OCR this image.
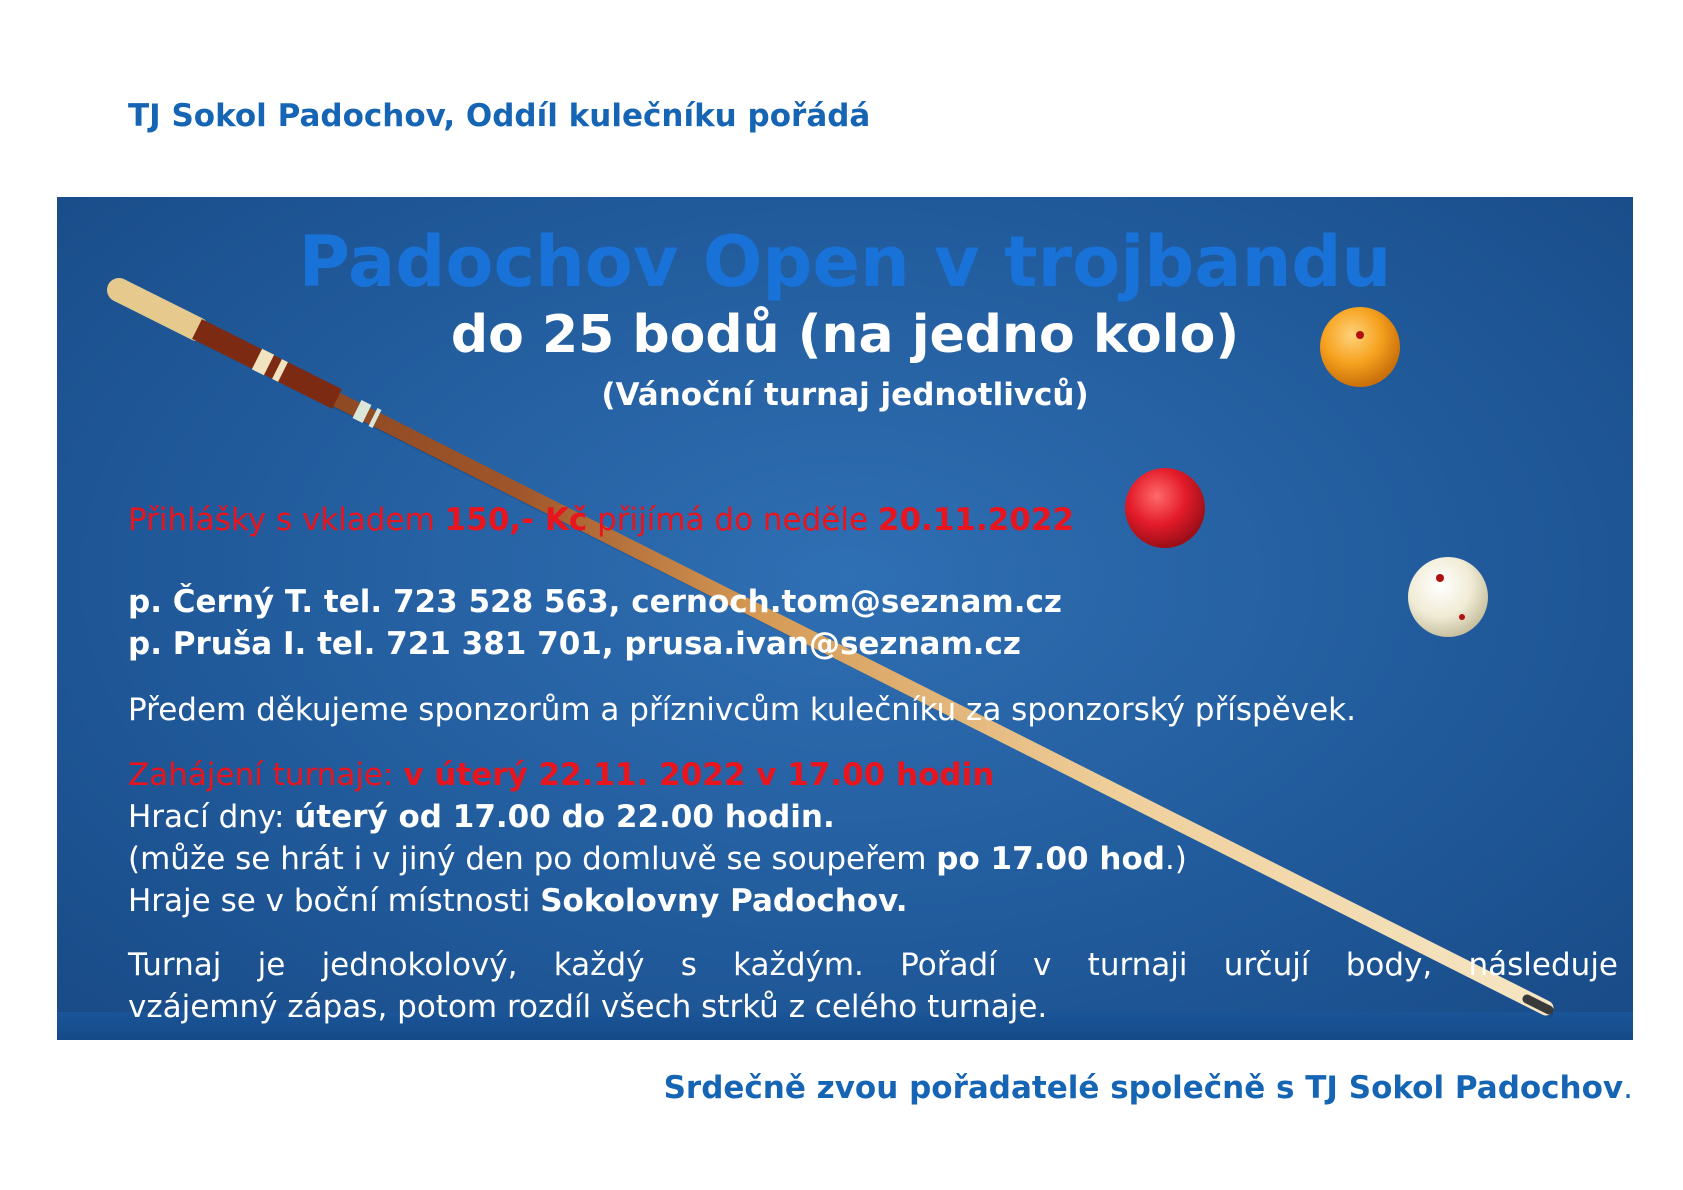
TJ Sokol Padochov, Oddíl kulečníku pořádá
Padochov Open v trojbandu
do 25 bodů (na jedno kolo)
(Vánoční turnaj jednotlivců)
Přihlášky s vkladem 150,- Kč přijímá do neděle 20.11.2022
p. Černý T. tel. 723 528 563, cernoch.tom@seznam.cz
p. Pruša I. tel. 721 381 701, prusa.ivan@seznam.cz
Předem děkujeme sponzorům a příznivcům kulečníku za sponzorský příspěvek.
Zahájení turnaje: v úterý 22.11. 2022 v 17.00 hodin
Hrací dny: úterý od 17.00 do 22.00 hodin.
(může se hrát i v jiný den po domluvě se soupeřem po 17.00 hod.)
Hraje se v boční místnosti Sokolovny Padochov.
Turnaj je jednokolový, každý s každým. Pořadí v turnaji určují body, následuje
vzájemný zápas, potom rozdíl všech strků z celého turnaje.
Srdečně zvou pořadatelé společně s TJ Sokol Padochov.
